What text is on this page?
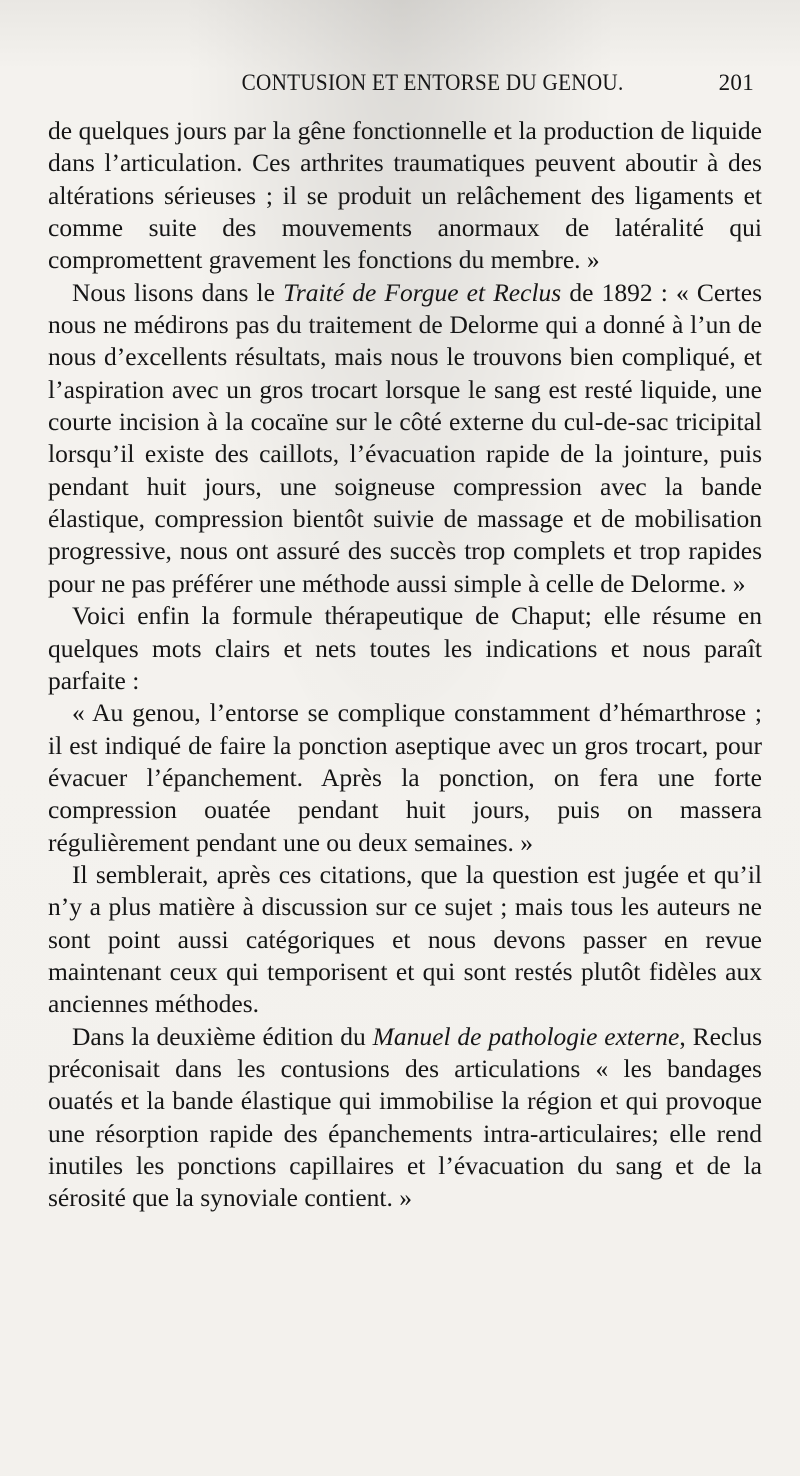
CONTUSION ET ENTORSE DU GENOU.	201

de quelques jours par la gêne fonctionnelle et la production de liquide dans l’articulation. Ces arthrites traumatiques peuvent aboutir à des altérations sérieuses ; il se produit un relâchement des ligaments et comme suite des mouvements anormaux de latéralité qui compromettent gravement les fonctions du membre. »

Nous lisons dans le Traité de Forgue et Reclus de 1892 : « Certes nous ne médirons pas du traitement de Delorme qui a donné à l’un de nous d’excellents résultats, mais nous le trouvons bien compliqué, et l’aspiration avec un gros trocart lorsque le sang est resté liquide, une courte incision à la cocaïne sur le côté externe du cul-de-sac tricipital lorsqu’il existe des caillots, l’évacuation rapide de la jointure, puis pendant huit jours, une soigneuse compression avec la bande élastique, compression bientôt suivie de massage et de mobilisation progressive, nous ont assuré des succès trop complets et trop rapides pour ne pas préférer une méthode aussi simple à celle de Delorme. »

Voici enfin la formule thérapeutique de Chaput; elle résume en quelques mots clairs et nets toutes les indications et nous paraît parfaite :

« Au genou, l’entorse se complique constamment d’hémarthrose ; il est indiqué de faire la ponction aseptique avec un gros trocart, pour évacuer l’épanchement. Après la ponction, on fera une forte compression ouatée pendant huit jours, puis on massera régulièrement pendant une ou deux semaines. »

Il semblerait, après ces citations, que la question est jugée et qu’il n’y a plus matière à discussion sur ce sujet ; mais tous les auteurs ne sont point aussi catégoriques et nous devons passer en revue maintenant ceux qui temporisent et qui sont restés plutôt fidèles aux anciennes méthodes.

Dans la deuxième édition du Manuel de pathologie externe, Reclus préconisait dans les contusions des articulations « les bandages ouatés et la bande élastique qui immobilise la région et qui provoque une résorption rapide des épanchements intra-articulaires; elle rend inutiles les ponctions capillaires et l’évacuation du sang et de la sérosité que la synoviale contient. »
